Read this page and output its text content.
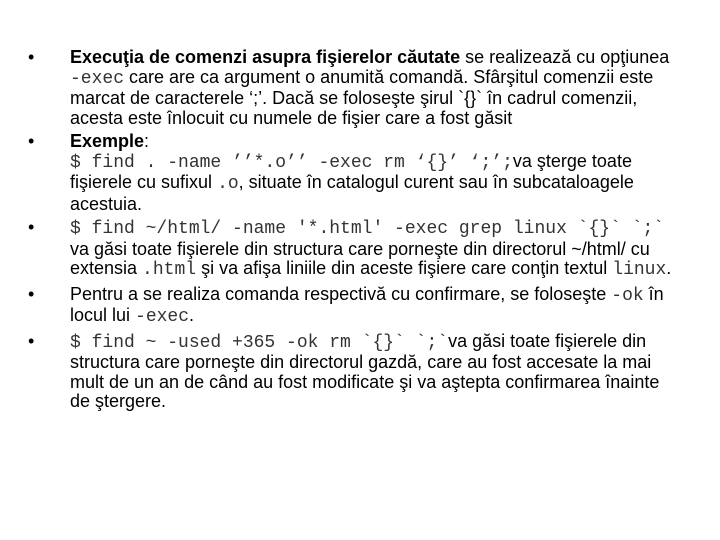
• Execuţia de comenzi asupra fişierelor căutate se realizează cu opţiunea -exec care are ca argument o anumită comandă. Sfârşitul comenzii este marcat de caracterele ‘;’. Dacă se foloseşte şirul `{}` în cadrul comenzii, acesta este înlocuit cu numele de fişier care a fost găsit
• Exemple:
$ find . -name ’’*.o’’ -exec rm ‘{}’ ‘;’;va şterge toate fişierele cu sufixul .o, situate în catalogul curent sau în subcataloagele acestuia.
• $ find ~/html/ -name '*.html' -exec grep linux `{}` `;` va găsi toate fişierele din structura care porneşte din directorul ~/html/ cu extensia .html şi va afişa liniile din aceste fişiere care conţin textul linux.
• Pentru a se realiza comanda respectivă cu confirmare, se foloseşte -ok în locul lui -exec.
• $ find ~ -used +365 -ok rm `{}` `;`va găsi toate fişierele din structura care porneşte din directorul gazdă, care au fost accesate la mai mult de un an de când au fost modificate şi va aştepta confirmarea înainte de ştergere.
